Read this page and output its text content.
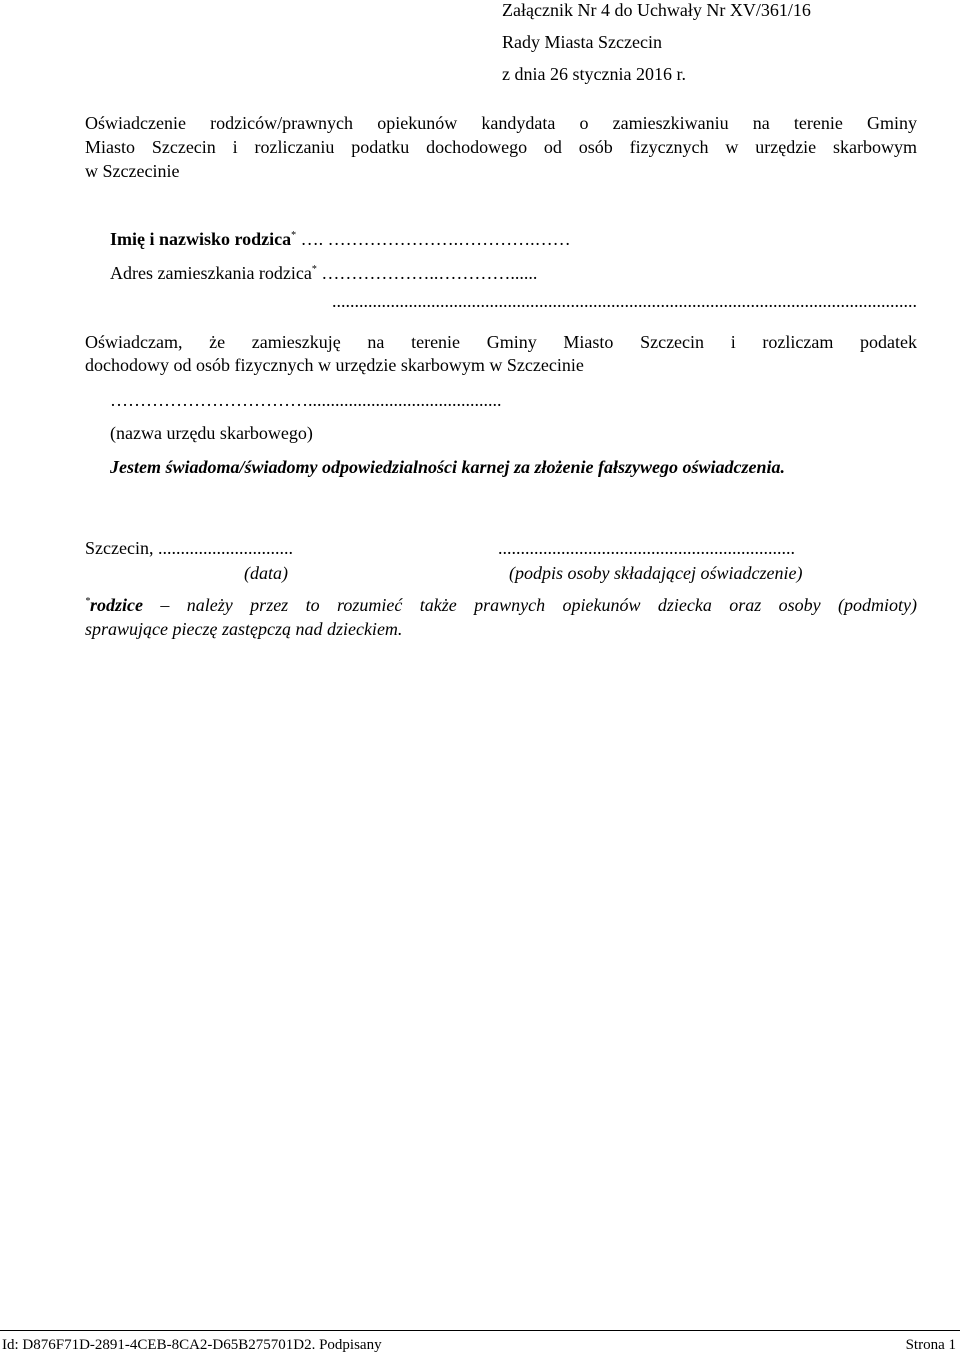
Załącznik Nr 4 do Uchwały Nr XV/361/16
Rady Miasta Szczecin
z dnia 26 stycznia 2016 r.
Oświadczenie rodziców/prawnych opiekunów kandydata o zamieszkiwaniu na terenie Gminy
Miasto Szczecin i rozliczaniu podatku dochodowego od osób fizycznych w urzędzie skarbowym
w Szczecinie
Imię i nazwisko rodzica* …. ………………….………….……
Adres zamieszkania rodzica* ………………..…………......
..................................................................................................................................
Oświadczam, że zamieszkuję na terenie Gminy Miasto Szczecin i rozliczam podatek
dochodowy od osób fizycznych w urzędzie skarbowym w Szczecinie
……………………………...........................................
(nazwa urzędu skarbowego)
Jestem świadoma/świadomy odpowiedzialności karnej za złożenie fałszywego oświadczenia.
Szczecin, ..............................
(data)
..................................................................
(podpis osoby składającej oświadczenie)
*rodzice – należy przez to rozumieć także prawnych opiekunów dziecka oraz osoby (podmioty)
sprawujące pieczę zastępczą nad dzieckiem.
Id: D876F71D-2891-4CEB-8CA2-D65B275701D2. Podpisany	Strona 1
